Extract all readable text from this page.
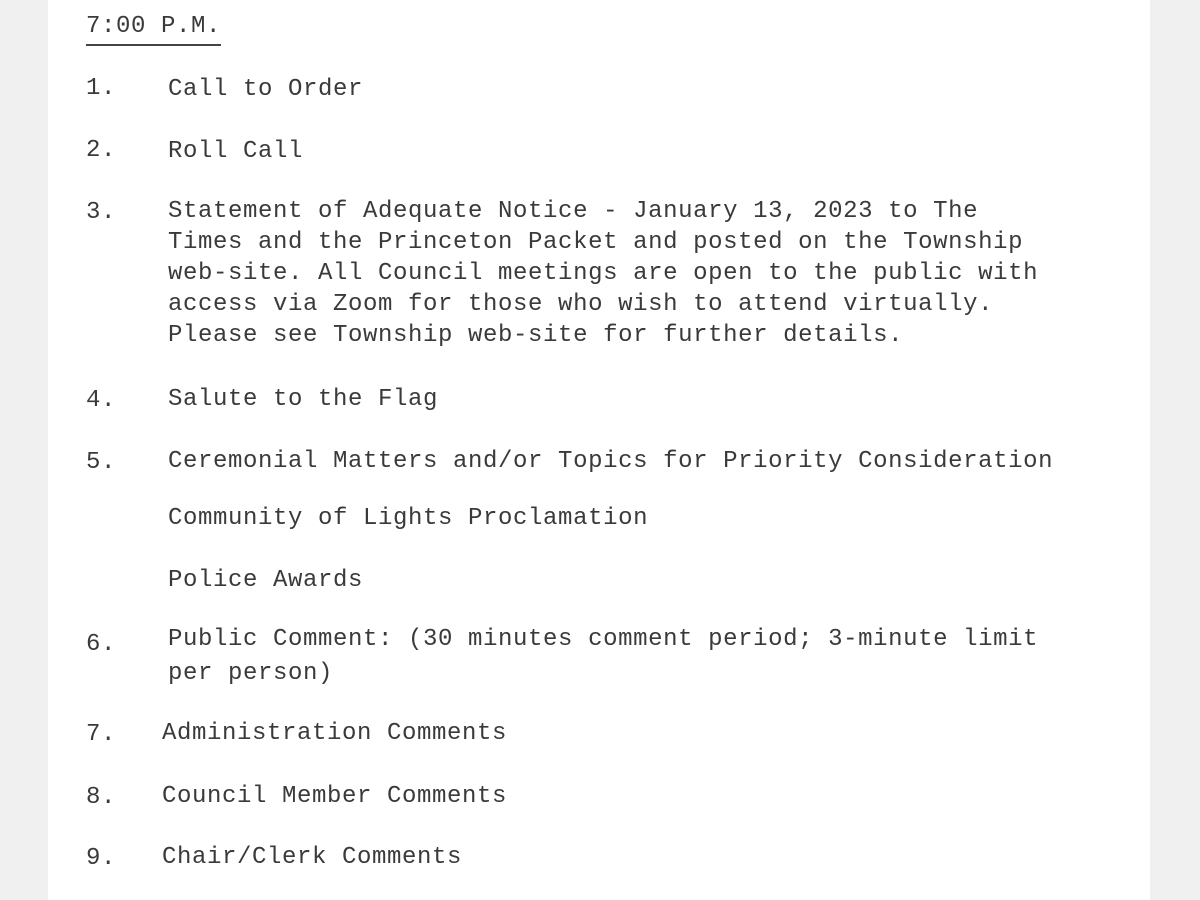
7:00 P.M.
1. Call to Order
2. Roll Call
3. Statement of Adequate Notice - January 13, 2023 to The
Times and the Princeton Packet and posted on the Township
web-site. All Council meetings are open to the public with
access via Zoom for those who wish to attend virtually.
Please see Township web-site for further details.
4. Salute to the Flag
5. Ceremonial Matters and/or Topics for Priority Consideration
Community of Lights Proclamation
Police Awards
6. Public Comment: (30 minutes comment period; 3-minute limit
per person)
7. Administration Comments
8. Council Member Comments
9. Chair/Clerk Comments
